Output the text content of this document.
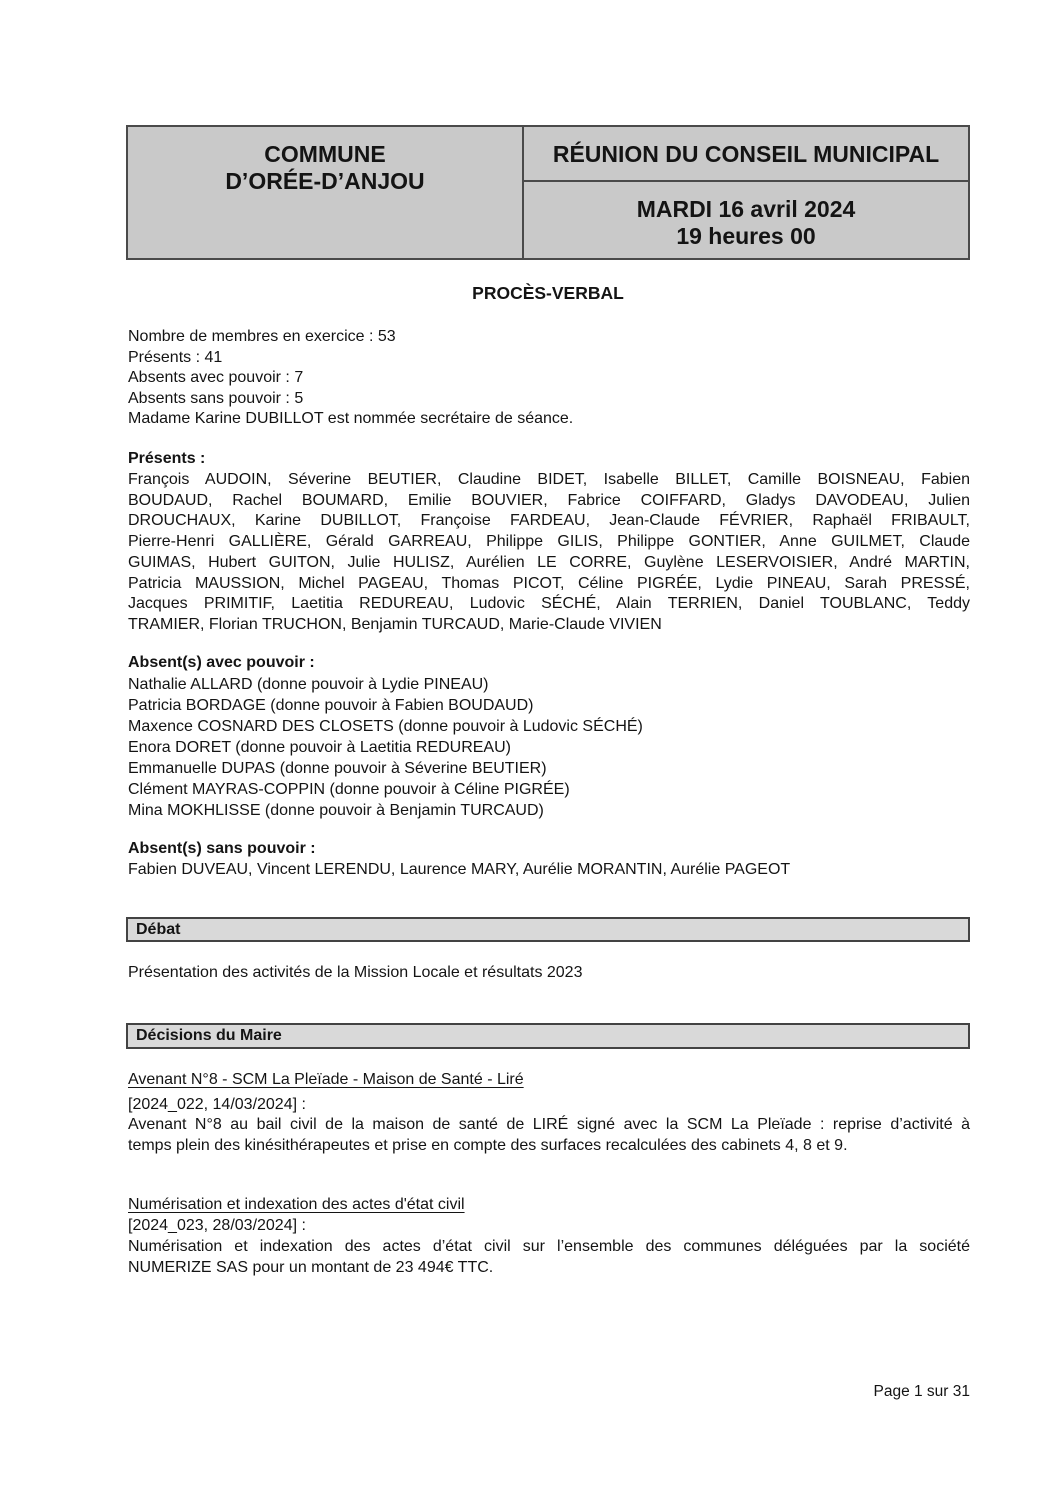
COMMUNE
D’ORÉE-D’ANJOU
RÉUNION DU CONSEIL MUNICIPAL
MARDI 16 avril 2024
19 heures 00
PROCÈS-VERBAL
Nombre de membres en exercice : 53
Présents : 41
Absents avec pouvoir : 7
Absents sans pouvoir : 5
Madame Karine DUBILLOT est nommée secrétaire de séance.
Présents :
François AUDOIN, Séverine BEUTIER, Claudine BIDET, Isabelle BILLET, Camille BOISNEAU, Fabien
BOUDAUD, Rachel BOUMARD, Emilie BOUVIER, Fabrice COIFFARD, Gladys DAVODEAU, Julien
DROUCHAUX, Karine DUBILLOT, Françoise FARDEAU, Jean-Claude FÉVRIER, Raphaël FRIBAULT,
Pierre-Henri GALLIÈRE, Gérald GARREAU, Philippe GILIS, Philippe GONTIER, Anne GUILMET, Claude
GUIMAS, Hubert GUITON, Julie HULISZ, Aurélien LE CORRE, Guylène LESERVOISIER, André MARTIN,
Patricia MAUSSION, Michel PAGEAU, Thomas PICOT, Céline PIGRÉE, Lydie PINEAU, Sarah PRESSÉ,
Jacques PRIMITIF, Laetitia REDUREAU, Ludovic SÉCHÉ, Alain TERRIEN, Daniel TOUBLANC, Teddy
TRAMIER, Florian TRUCHON, Benjamin TURCAUD, Marie-Claude VIVIEN
Absent(s) avec pouvoir :
Nathalie ALLARD (donne pouvoir à Lydie PINEAU)
Patricia BORDAGE (donne pouvoir à Fabien BOUDAUD)
Maxence COSNARD DES CLOSETS (donne pouvoir à Ludovic SÉCHÉ)
Enora DORET (donne pouvoir à Laetitia REDUREAU)
Emmanuelle DUPAS (donne pouvoir à Séverine BEUTIER)
Clément MAYRAS-COPPIN (donne pouvoir à Céline PIGRÉE)
Mina MOKHLISSE (donne pouvoir à Benjamin TURCAUD)
Absent(s) sans pouvoir :
Fabien DUVEAU, Vincent LERENDU, Laurence MARY, Aurélie MORANTIN, Aurélie PAGEOT
Débat
Présentation des activités de la Mission Locale et résultats 2023
Décisions du Maire
Avenant N°8 - SCM La Pleïade - Maison de Santé - Liré
[2024_022, 14/03/2024] :
Avenant N°8 au bail civil de la maison de santé de LIRÉ signé avec la SCM La Pleïade : reprise d’activité à
temps plein des kinésithérapeutes et prise en compte des surfaces recalculées des cabinets 4, 8 et 9.
Numérisation et indexation des actes d'état civil
[2024_023, 28/03/2024] :
Numérisation et indexation des actes d’état civil sur l’ensemble des communes déléguées par la société
NUMERIZE SAS pour un montant de 23 494€ TTC.
Page 1 sur 31
